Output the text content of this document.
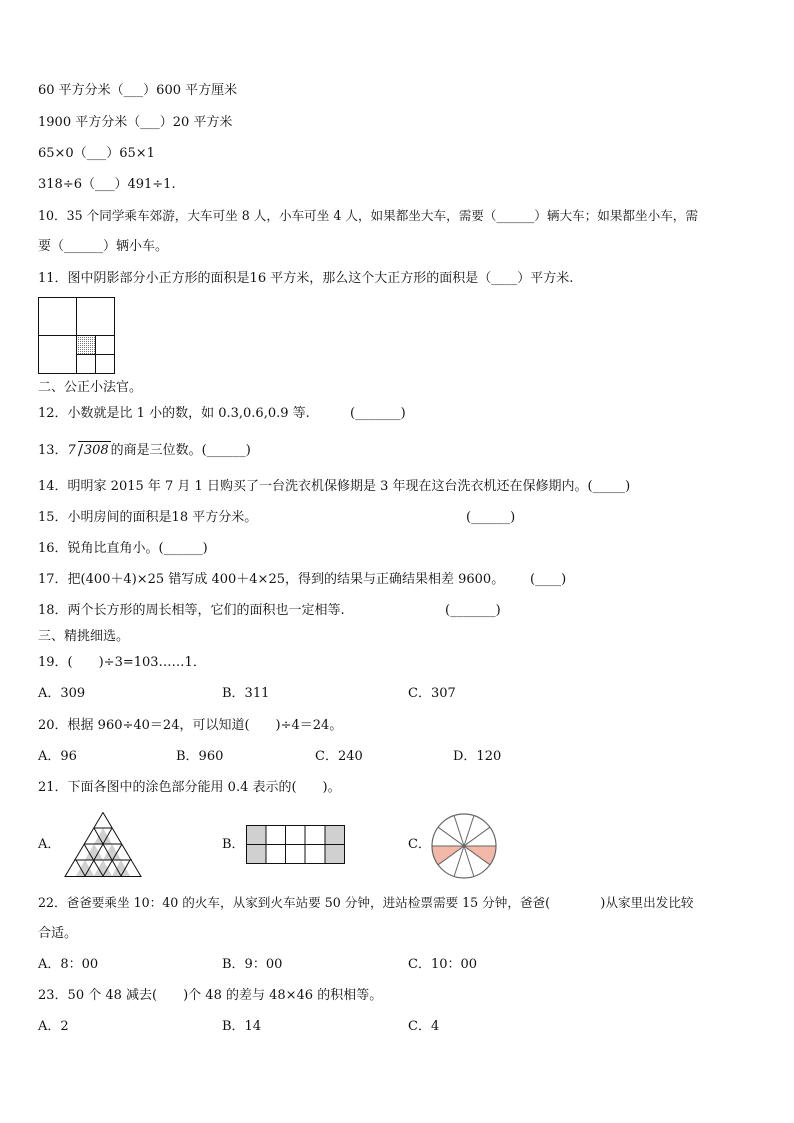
60 平方分米（___）600 平方厘米
1900 平方分米（___）20 平方米
65×0（___）65×1
318÷6（___）491÷1.
10．35 个同学乘车郊游，大车可坐 8 人，小车可坐 4 人，如果都坐大车，需要（______）辆大车；如果都坐小车，需
要（______）辆小车。
11．图中阴影部分小正方形的面积是16 平方米，那么这个大正方形的面积是（____）平方米.
二、公正小法官。
12．小数就是比 1 小的数，如 0.3,0.6,0.9 等.	(_______)
13．7 / 308 的商是三位数。(______)
14．明明家 2015 年 7 月 1 日购买了一台洗衣机保修期是 3 年现在这台洗衣机还在保修期内。(_____)
15．小明房间的面积是18 平方分米。	(______)
16．锐角比直角小。(______)
17．把(400＋4)×25 错写成 400＋4×25，得到的结果与正确结果相差 9600。 (____)
18．两个长方形的周长相等，它们的面积也一定相等.	(_______)
三、精挑细选。
19．(　　)÷3=103……1．
A．309	B．311	C．307
20．根据 960÷40＝24，可以知道(　　)÷4＝24。
A．96	B．960	C．240	D．120
21．下面各图中的涂色部分能用 0.4 表示的(　　)。
A．	B．	C．
22．爸爸要乘坐 10：40 的火车，从家到火车站要 50 分钟，进站检票需要 15 分钟，爸爸(　　　　)从家里出发比较
合适。
A．8：00	B．9：00	C．10：00
23．50 个 48 减去(　　)个 48 的差与 48×46 的积相等。
A．2	B．14	C．4
